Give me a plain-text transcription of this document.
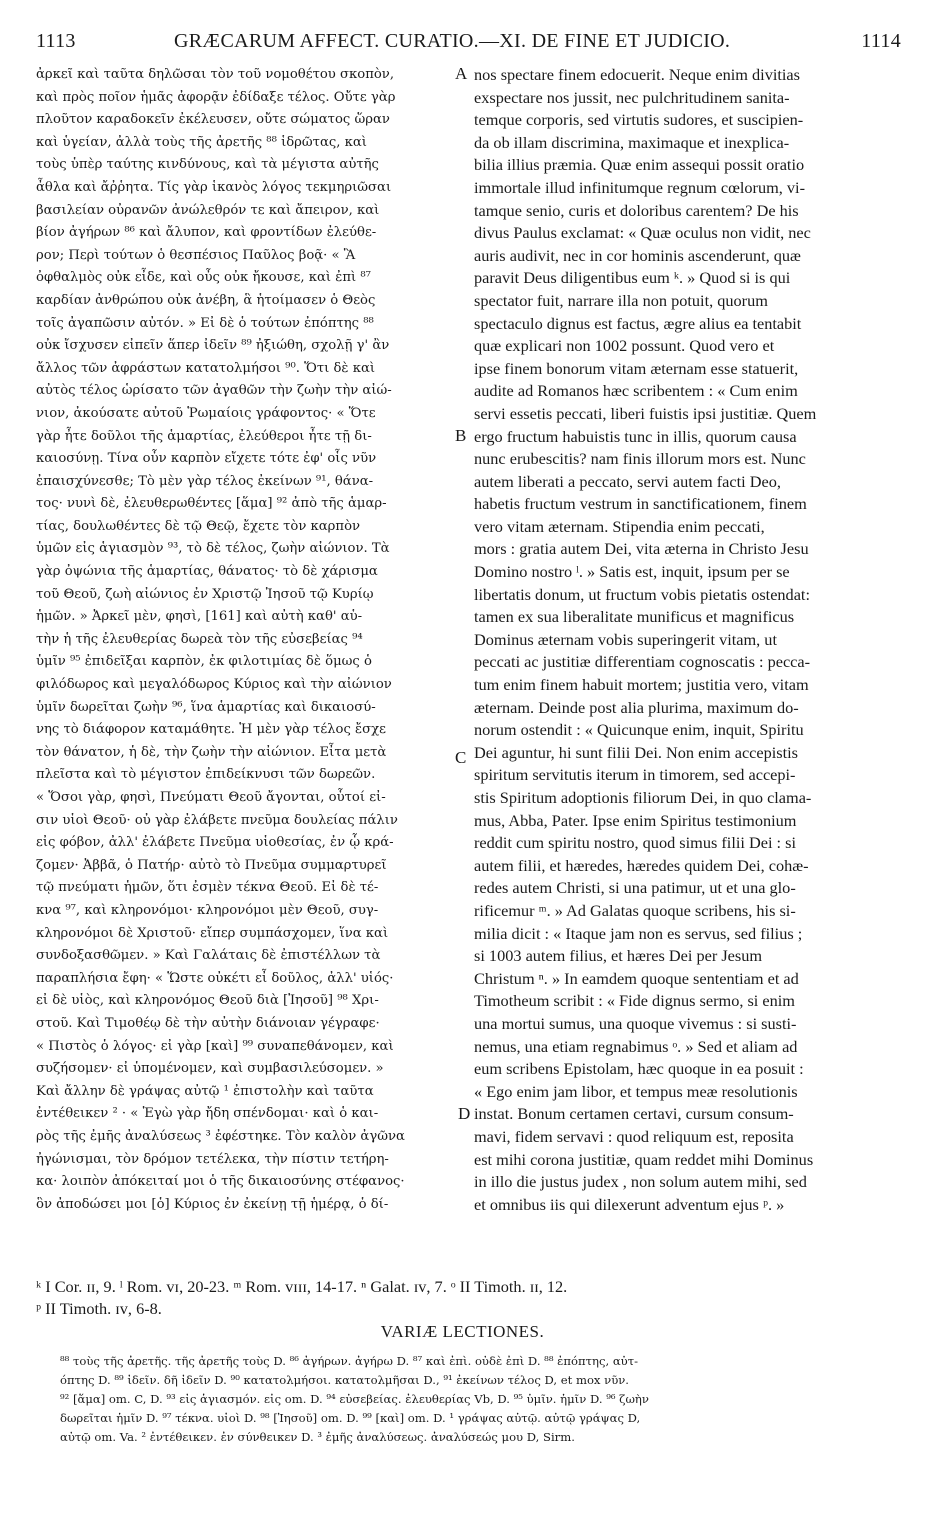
1113	GRÆCARUM AFFECT. CURATIO.—XI. DE FINE ET JUDICIO.	1114
ἀρκεῖ καὶ ταῦτα δηλῶσαι τὸν τοῦ νομοθέτου σκοπὸν,
καὶ πρὸς ποῖον ἡμᾶς ἀφορᾷν ἐδίδαξε τέλος. Οὔτε γὰρ
πλοῦτον καραδοκεῖν ἐκέλευσεν, οὔτε σώματος ὥραν
καὶ ὑγείαν, ἀλλὰ τοὺς τῆς ἀρετῆς ⁸⁸ ἱδρῶτας, καὶ
τοὺς ὑπὲρ ταύτης κινδύνους, καὶ τὰ μέγιστα αὐτῆς
ἆθλα καὶ ἄῤῥητα. Τίς γὰρ ἱκανὸς λόγος τεκμηριῶσαι
βασιλείαν οὐρανῶν ἀνώλεθρόν τε καὶ ἄπειρον, καὶ
βίον ἀγήρων ⁸⁶ καὶ ἄλυπον, καὶ φροντίδων ἐλεύθε-
ρον; Περὶ τούτων ὁ θεσπέσιος Παῦλος βοᾷ· « Ἃ
ὀφθαλμὸς οὐκ εἶδε, καὶ οὖς οὐκ ἤκουσε, καὶ ἐπὶ ⁸⁷
καρδίαν ἀνθρώπου οὐκ ἀνέβη, ἃ ἡτοίμασεν ὁ Θεὸς
τοῖς ἀγαπῶσιν αὐτόν. » Εἰ δὲ ὁ τούτων ἐπόπτης ⁸⁸
οὐκ ἴσχυσεν εἰπεῖν ἅπερ ἰδεῖν ⁸⁹ ἠξιώθη, σχολῇ γ' ἂν
ἄλλος τῶν ἀφράστων κατατολμήσοι ⁹⁰. Ὅτι δὲ καὶ
αὐτὸς τέλος ὡρίσατο τῶν ἀγαθῶν τὴν ζωὴν τὴν αἰώ-
νιον, ἀκούσατε αὐτοῦ Ῥωμαίοις γράφοντος· « Ὅτε
γὰρ ἦτε δοῦλοι τῆς ἁμαρτίας, ἐλεύθεροι ἦτε τῇ δι-
καιοσύνῃ. Τίνα οὖν καρπὸν εἴχετε τότε ἐφ' οἷς νῦν
ἐπαισχύνεσθε; Τὸ μὲν γὰρ τέλος ἐκείνων ⁹¹, θάνα-
τος· νυνὶ δὲ, ἐλευθερωθέντες [ἅμα] ⁹² ἀπὸ τῆς ἁμαρ-
τίας, δουλωθέντες δὲ τῷ Θεῷ, ἔχετε τὸν καρπὸν
ὑμῶν εἰς ἁγιασμὸν ⁹³, τὸ δὲ τέλος, ζωὴν αἰώνιον. Τὰ
γὰρ ὀψώνια τῆς ἁμαρτίας, θάνατος· τὸ δὲ χάρισμα
τοῦ Θεοῦ, ζωὴ αἰώνιος ἐν Χριστῷ Ἰησοῦ τῷ Κυρίῳ
ἡμῶν. » Ἀρκεῖ μὲν, φησὶ, [161] καὶ αὐτὴ καθ' αὑ-
τὴν ἡ τῆς ἐλευθερίας δωρεὰ τὸν τῆς εὐσεβείας ⁹⁴
ὑμῖν ⁹⁵ ἐπιδεῖξαι καρπὸν, ἐκ φιλοτιμίας δὲ ὅμως ὁ
φιλόδωρος καὶ μεγαλόδωρος Κύριος καὶ τὴν αἰώνιον
ὑμῖν δωρεῖται ζωὴν ⁹⁶, ἵνα ἁμαρτίας καὶ δικαιοσύ-
νης τὸ διάφορον καταμάθητε. Ἡ μὲν γὰρ τέλος ἔσχε
τὸν θάνατον, ἡ δὲ, τὴν ζωὴν τὴν αἰώνιον. Εἶτα μετὰ
πλεῖστα καὶ τὸ μέγιστον ἐπιδείκνυσι τῶν δωρεῶν.
« Ὅσοι γὰρ, φησὶ, Πνεύματι Θεοῦ ἄγονται, οὗτοί εἰ-
σιν υἱοὶ Θεοῦ· οὐ γὰρ ἐλάβετε πνεῦμα δουλείας πάλιν
εἰς φόβον, ἀλλ' ἐλάβετε Πνεῦμα υἱοθεσίας, ἐν ᾧ κρά-
ζομεν· Ἀββᾶ, ὁ Πατήρ· αὐτὸ τὸ Πνεῦμα συμμαρτυρεῖ
τῷ πνεύματι ἡμῶν, ὅτι ἐσμὲν τέκνα Θεοῦ. Εἰ δὲ τέ-
κνα ⁹⁷, καὶ κληρονόμοι· κληρονόμοι μὲν Θεοῦ, συγ-
κληρονόμοι δὲ Χριστοῦ· εἴπερ συμπάσχομεν, ἵνα καὶ
συνδοξασθῶμεν. » Καὶ Γαλάταις δὲ ἐπιστέλλων τὰ
παραπλήσια ἔφη· « Ὥστε οὐκέτι εἶ δοῦλος, ἀλλ' υἱός·
εἰ δὲ υἱὸς, καὶ κληρονόμος Θεοῦ διὰ [Ἰησοῦ] ⁹⁸ Χρι-
στοῦ. Καὶ Τιμοθέῳ δὲ τὴν αὐτὴν διάνοιαν γέγραφε·
« Πιστὸς ὁ λόγος· εἰ γὰρ [καὶ] ⁹⁹ συναπεθάνομεν, καὶ
συζήσομεν· εἰ ὑπομένομεν, καὶ συμβασιλεύσομεν. »
Καὶ ἄλλην δὲ γράψας αὐτῷ ¹ ἐπιστολὴν καὶ ταῦτα
ἐντέθεικεν ² · « Ἐγὼ γὰρ ἤδη σπένδομαι· καὶ ὁ και-
ρὸς τῆς ἐμῆς ἀναλύσεως ³ ἐφέστηκε. Τὸν καλὸν ἀγῶνα
ἠγώνισμαι, τὸν δρόμον τετέλεκα, τὴν πίστιν τετήρη-
κα· λοιπὸν ἀπόκειταί μοι ὁ τῆς δικαιοσύνης στέφανος·
ὃν ἀποδώσει μοι [ὁ] Κύριος ἐν ἐκείνῃ τῇ ἡμέρᾳ, ὁ δί-
nos spectare finem edocuerit. Neque enim divitias
exspectare nos jussit, nec pulchritudinem sanita-
temque corporis, sed virtutis sudores, et suscipien-
da ob illam discrimina, maximaque et inexplica-
bilia illius præmia. Quæ enim assequi possit oratio
immortale illud infinitumque regnum cœlorum, vi-
tamque senio, curis et doloribus carentem? De his
divus Paulus exclamat: « Quæ oculus non vidit, nec
auris audivit, nec in cor hominis ascenderunt, quæ
paravit Deus diligentibus eum ᵏ. » Quod si is qui
spectator fuit, narrare illa non potuit, quorum
spectaculo dignus est factus, ægre alius ea tentabit
quæ explicari non 1002 possunt. Quod vero et
ipse finem bonorum vitam æternam esse statuerit,
audite ad Romanos hæc scribentem : « Cum enim
servi essetis peccati, liberi fuistis ipsi justitiæ. Quem
ergo fructum habuistis tunc in illis, quorum causa
nunc erubescitis? nam finis illorum mors est. Nunc
autem liberati a peccato, servi autem facti Deo,
habetis fructum vestrum in sanctificationem, finem
vero vitam æternam. Stipendia enim peccati,
mors : gratia autem Dei, vita æterna in Christo Jesu
Domino nostro ˡ. » Satis est, inquit, ipsum per se
libertatis donum, ut fructum vobis pietatis ostendat:
tamen ex sua liberalitate munificus et magnificus
Dominus æternam vobis superingerit vitam, ut
peccati ac justitiæ differentiam cognoscatis : pecca-
tum enim finem habuit mortem; justitia vero, vitam
æternam. Deinde post alia plurima, maximum do-
norum ostendit : « Quicunque enim, inquit, Spiritu
Dei aguntur, hi sunt filii Dei. Non enim accepistis
spiritum servitutis iterum in timorem, sed accepi-
stis Spiritum adoptionis filiorum Dei, in quo clama-
mus, Abba, Pater. Ipse enim Spiritus testimonium
reddit cum spiritu nostro, quod simus filii Dei : si
autem filii, et hæredes, hæredes quidem Dei, cohæ-
redes autem Christi, si una patimur, ut et una glo-
rificemur ᵐ. » Ad Galatas quoque scribens, his si-
milia dicit : « Itaque jam non es servus, sed filius ;
si 1003 autem filius, et hæres Dei per Jesum
Christum ⁿ. » In eamdem quoque sententiam et ad
Timotheum scribit : « Fide dignus sermo, si enim
una mortui sumus, una quoque vivemus : si susti-
nemus, una etiam regnabimus ᵒ. » Sed et aliam ad
eum scribens Epistolam, hæc quoque in ea posuit :
« Ego enim jam libor, et tempus meæ resolutionis
instat. Bonum certamen certavi, cursum consum-
mavi, fidem servavi : quod reliquum est, reposita
est mihi corona justitiæ, quam reddet mihi Dominus
in illo die justus judex , non solum autem mihi, sed
et omnibus iis qui dilexerunt adventum ejus ᵖ. »
A
B
C
D
ᵏ I Cor. ɪɪ, 9. ˡ Rom. ᴠɪ, 20-23. ᵐ Rom. ᴠɪɪɪ, 14-17. ⁿ Galat. ɪᴠ, 7. ᵒ II Timoth. ɪɪ, 12.
ᵖ II Timoth. ɪᴠ, 6-8.
VARIÆ LECTIONES.
⁸⁸ τοὺς τῆς ἀρετῆς. τῆς ἀρετῆς τοὺς D. ⁸⁶ ἀγήρων. ἀγήρω D. ⁸⁷ καὶ ἐπὶ. οὐδὲ ἐπὶ D. ⁸⁸ ἐπόπτης, αὐτ-
όπτης D. ⁸⁹ ἰδεῖν. δῆ ἰδεῖν D. ⁹⁰ κατατολμήσοι. κατατολμῆσαι D., ⁹¹ ἐκείνων τέλος D, et mox νῦν.
⁹² [ἅμα] om. C, D. ⁹³ εἰς ἁγιασμόν. εἰς om. D. ⁹⁴ εὐσεβείας. ἐλευθερίας Vb, D. ⁹⁵ ὑμῖν. ἡμῖν D. ⁹⁶ ζωὴν
δωρεῖται ἡμῖν D. ⁹⁷ τέκνα. υἱοὶ D. ⁹⁸ [Ἰησοῦ] om. D. ⁹⁹ [καὶ] om. D. ¹ γράψας αὐτῷ. αὐτῷ γράψας D,
αὐτῷ om. Va. ² ἐντέθεικεν. ἐν σύνθεικεν D. ³ ἐμῆς ἀναλύσεως. ἀναλύσεώς μου D, Sirm.
